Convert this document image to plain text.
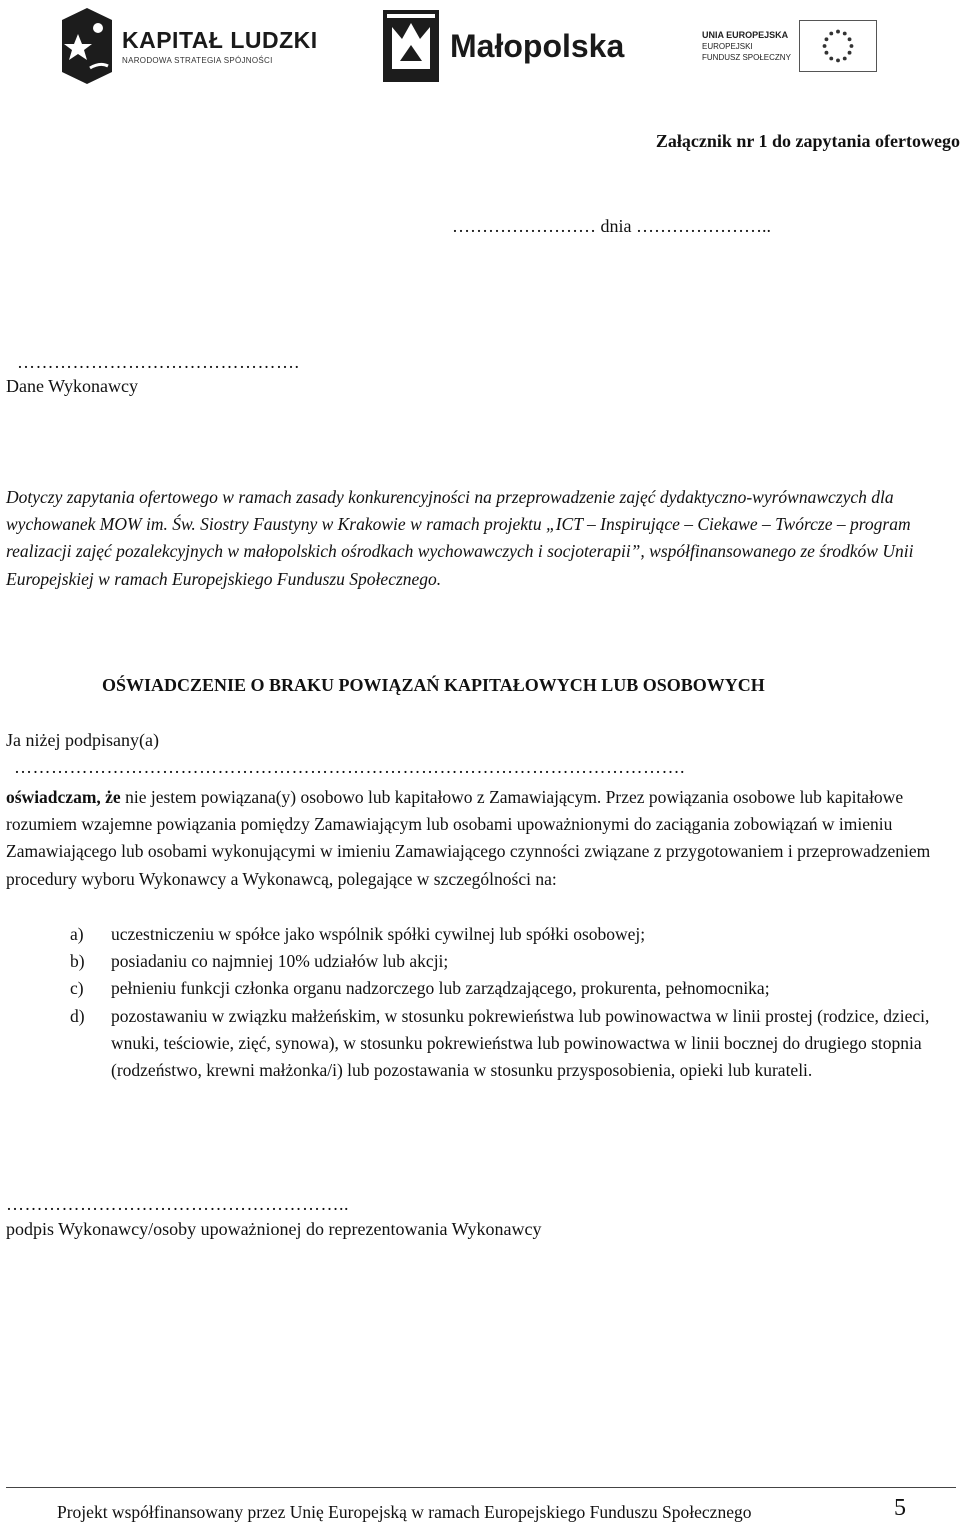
KAPITAŁ LUDZKI
NARODOWA STRATEGIA SPÓJNOŚCI	Małopolska	UNIA EUROPEJSKA
EUROPEJSKI
FUNDUSZ SPOŁECZNY
Załącznik nr 1 do zapytania ofertowego
…………………… dnia …………………..
……………………………………….
Dane Wykonawcy
Dotyczy zapytania ofertowego w ramach zasady konkurencyjności na przeprowadzenie zajęć dydaktyczno-wyrównawczych dla wychowanek MOW im. Św. Siostry Faustyny w Krakowie w ramach projektu „ICT – Inspirujące – Ciekawe – Twórcze – program realizacji zajęć pozalekcyjnych w małopolskich ośrodkach wychowawczych i socjoterapii”, współfinansowanego ze środków Unii Europejskiej w ramach Europejskiego Funduszu Społecznego.
OŚWIADCZENIE O BRAKU POWIĄZAŃ KAPITAŁOWYCH LUB OSOBOWYCH
Ja niżej podpisany(a)
……………………………………………………………………………………………….
oświadczam, że nie jestem powiązana(y) osobowo lub kapitałowo z Zamawiającym. Przez powiązania osobowe lub kapitałowe rozumiem wzajemne powiązania pomiędzy Zamawiającym lub osobami upoważnionymi do zaciągania zobowiązań w imieniu Zamawiającego lub osobami wykonującymi w imieniu Zamawiającego czynności związane z przygotowaniem i przeprowadzeniem procedury wyboru Wykonawcy a Wykonawcą, polegające w szczególności na:
a) uczestniczeniu w spółce jako wspólnik spółki cywilnej lub spółki osobowej;
b) posiadaniu co najmniej 10% udziałów lub akcji;
c) pełnieniu funkcji członka organu nadzorczego lub zarządzającego, prokurenta, pełnomocnika;
d) pozostawaniu w związku małżeńskim, w stosunku pokrewieństwa lub powinowactwa w linii prostej (rodzice, dzieci, wnuki, teściowie, zięć, synowa), w stosunku pokrewieństwa lub powinowactwa w linii bocznej do drugiego stopnia (rodzeństwo, krewni małżonka/i) lub pozostawania w stosunku przysposobienia, opieki lub kurateli.
………………………………………………..
podpis Wykonawcy/osoby upoważnionej do reprezentowania Wykonawcy
Projekt współfinansowany przez Unię Europejską w ramach Europejskiego Funduszu Społecznego	5
